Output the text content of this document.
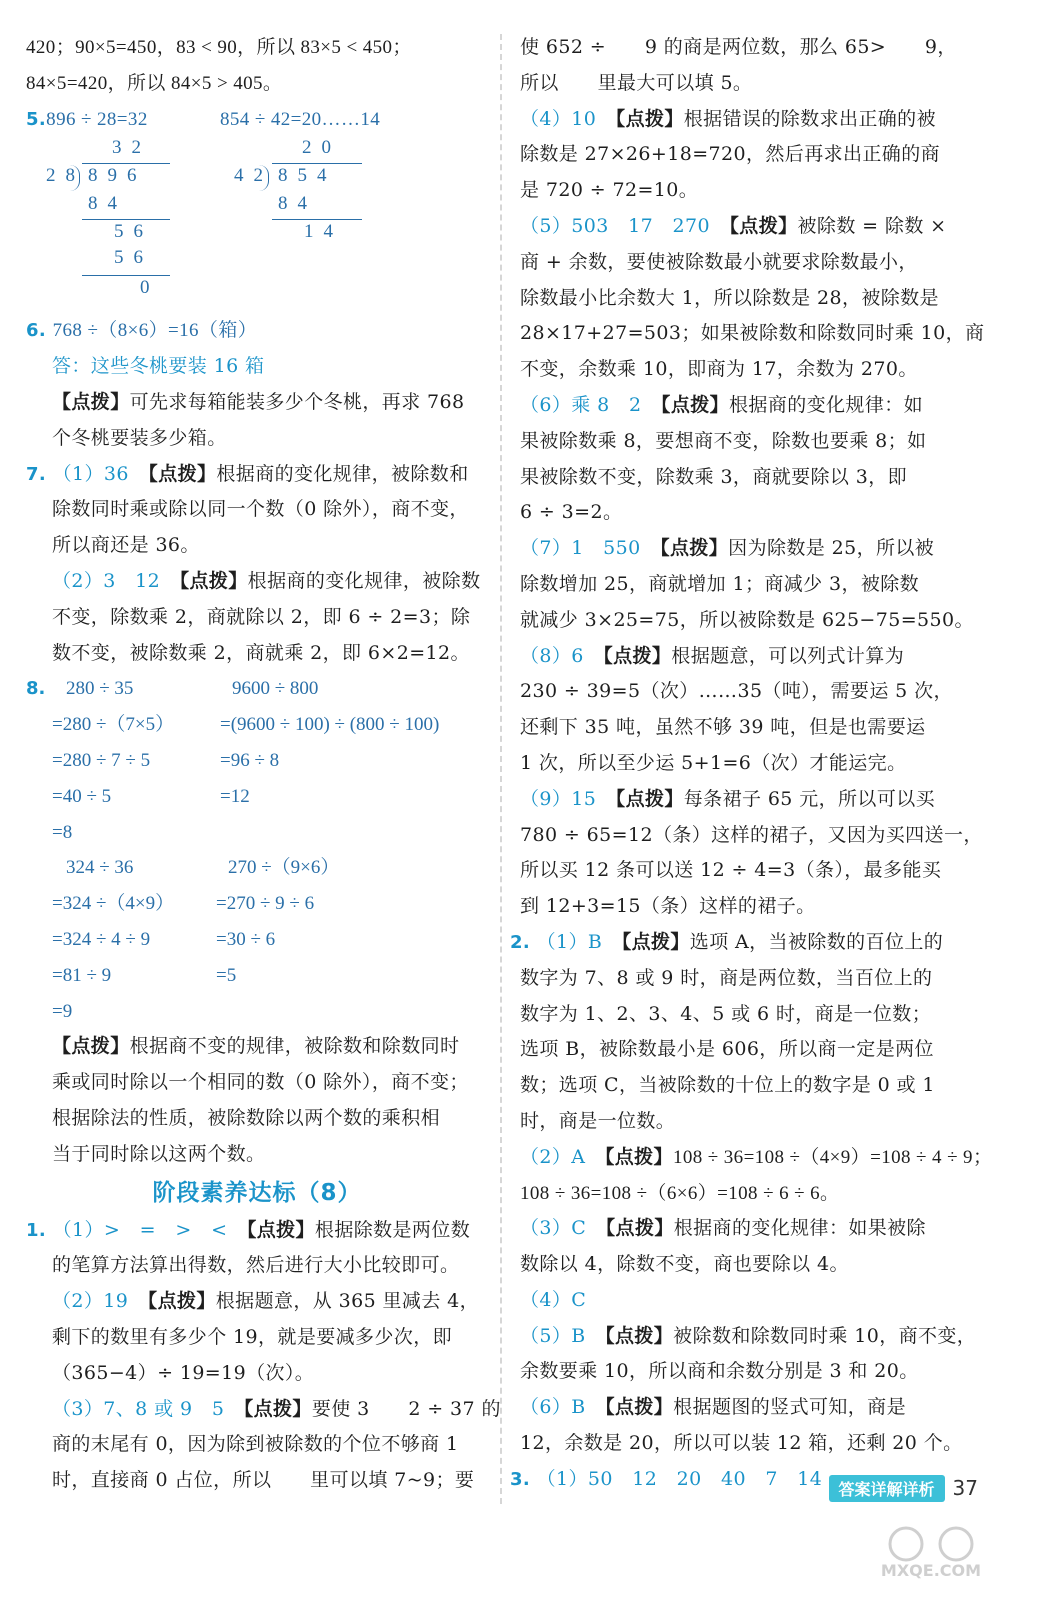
420；90×5=450，83 < 90，所以 83×5 < 450；
84×5=420，所以 84×5 > 405。
5.896 ÷ 28=32	854 ÷ 42=20……14
32
28 896
84
56
56
0
20
42 854
84
14
6. 768 ÷（8×6）=16（箱）
答：这些冬桃要装 16 箱
【点拨】可先求每箱能装多少个冬桃，再求 768
个冬桃要装多少箱。
7. （1）36　 【点拨】根据商的变化规律，被除数和
除数同时乘或除以同一个数（0 除外），商不变，
所以商还是 36。
（2）3　12　 【点拨】根据商的变化规律，被除数
不变，除数乘 2，商就除以 2，即 6 ÷ 2=3；除
数不变，被除数乘 2，商就乘 2，即 6×2=12。
8. 280 ÷ 35	9600 ÷ 800
=280 ÷（7×5） =(9600 ÷ 100) ÷ (800 ÷ 100)
=280 ÷ 7 ÷ 5	=96 ÷ 8
=40 ÷ 5	=12
=8
324 ÷ 36	270 ÷（9×6）
=324 ÷（4×9） =270 ÷ 9 ÷ 6
=324 ÷ 4 ÷ 9	=30 ÷ 6
=81 ÷ 9	=5
=9
【点拨】根据商不变的规律，被除数和除数同时
乘或同时除以一个相同的数（0 除外），商不变；
根据除法的性质，被除数除以两个数的乘积相
当于同时除以这两个数。
阶段素养达标（8）
1. （1）>　=　>　<　 【点拨】根据除数是两位数
的笔算方法算出得数，然后进行大小比较即可。
（2）19　 【点拨】根据题意，从 365 里减去 4，
剩下的数里有多少个 19，就是要减多少次，即
（365−4）÷ 19=19（次）。
（3）7、8 或 9　5　 【点拨】要使 3　　2 ÷ 37 的
商的末尾有 0，因为除到被除数的个位不够商 1
时，直接商 0 占位，所以　　里可以填 7~9；要
使 652 ÷　　9 的商是两位数，那么 65>　　9，
所以　　里最大可以填 5。
（4）10　 【点拨】根据错误的除数求出正确的被
除数是 27×26+18=720，然后再求出正确的商
是 720 ÷ 72=10。
（5）503　17　270　 【点拨】被除数 = 除数 ×
商 + 余数，要使被除数最小就要求除数最小，
除数最小比余数大 1，所以除数是 28，被除数是
28×17+27=503；如果被除数和除数同时乘 10，商
不变，余数乘 10，即商为 17，余数为 270。
（6）乘 8　2　 【点拨】根据商的变化规律：如
果被除数乘 8，要想商不变，除数也要乘 8；如
果被除数不变，除数乘 3，商就要除以 3，即
6 ÷ 3=2。
（7）1　550　 【点拨】因为除数是 25，所以被
除数增加 25，商就增加 1；商减少 3，被除数
就减少 3×25=75，所以被除数是 625−75=550。
（8）6　 【点拨】根据题意，可以列式计算为
230 ÷ 39=5（次）……35（吨），需要运 5 次，
还剩下 35 吨，虽然不够 39 吨，但是也需要运
1 次，所以至少运 5+1=6（次）才能运完。
（9）15　 【点拨】每条裙子 65 元，所以可以买
780 ÷ 65=12（条）这样的裙子，又因为买四送一，
所以买 12 条可以送 12 ÷ 4=3（条），最多能买
到 12+3=15（条）这样的裙子。
2. （1）B　 【点拨】选项 A，当被除数的百位上的
数字为 7、8 或 9 时，商是两位数，当百位上的
数字为 1、2、3、4、5 或 6 时，商是一位数；
选项 B，被除数最小是 606，所以商一定是两位
数；选项 C，当被除数的十位上的数字是 0 或 1
时，商是一位数。
（2）A　 【点拨】108 ÷ 36=108 ÷（4×9）=108 ÷ 4 ÷ 9；
108 ÷ 36=108 ÷（6×6）=108 ÷ 6 ÷ 6。
（3）C　 【点拨】根据商的变化规律：如果被除
数除以 4，除数不变，商也要除以 4。
（4）C
（5）B　 【点拨】被除数和除数同时乘 10，商不变，
余数要乘 10，所以商和余数分别是 3 和 20。
（6）B　 【点拨】根据题图的竖式可知，商是
12，余数是 20，所以可以装 12 箱，还剩 20 个。
3. （1）50　12　20　40　7　14	答案详解详析 37
MXQE.COM
